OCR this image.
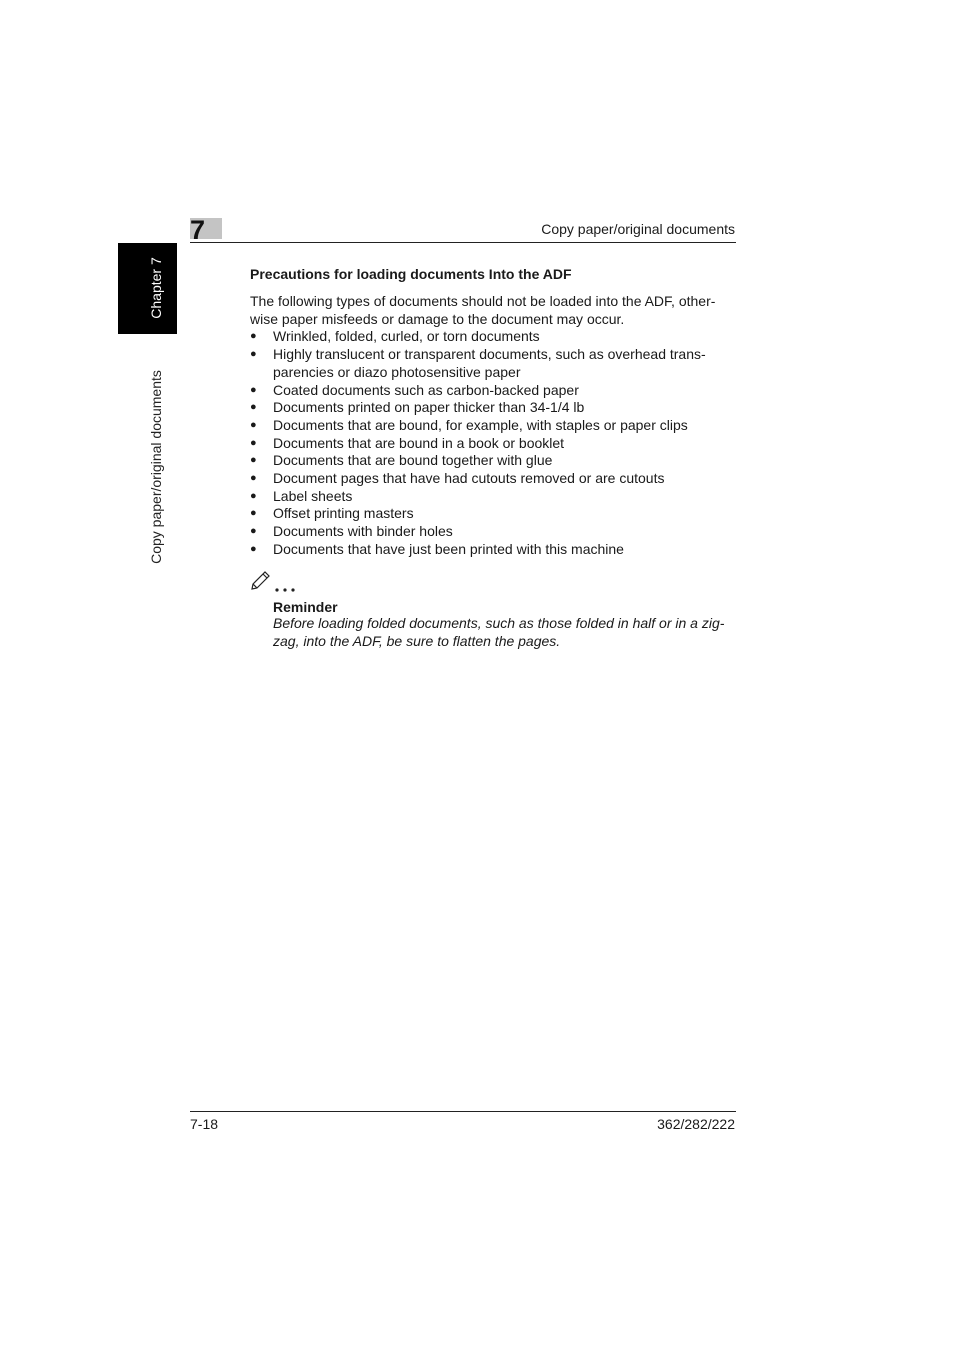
7	Copy paper/original documents
Chapter 7
Copy paper/original documents
Precautions for loading documents Into the ADF

The following types of documents should not be loaded into the ADF, other-wise paper misfeeds or damage to the document may occur.

● Wrinkled, folded, curled, or torn documents
● Highly translucent or transparent documents, such as overhead trans-parencies or diazo photosensitive paper
● Coated documents such as carbon-backed paper
● Documents printed on paper thicker than 34-1/4 lb
● Documents that are bound, for example, with staples or paper clips
● Documents that are bound in a book or booklet
● Documents that are bound together with glue
● Document pages that have had cutouts removed or are cutouts
● Label sheets
● Offset printing masters
● Documents with binder holes
● Documents that have just been printed with this machine
Reminder
Before loading folded documents, such as those folded in half or in a zig-zag, into the ADF, be sure to flatten the pages.
7-18	362/282/222
